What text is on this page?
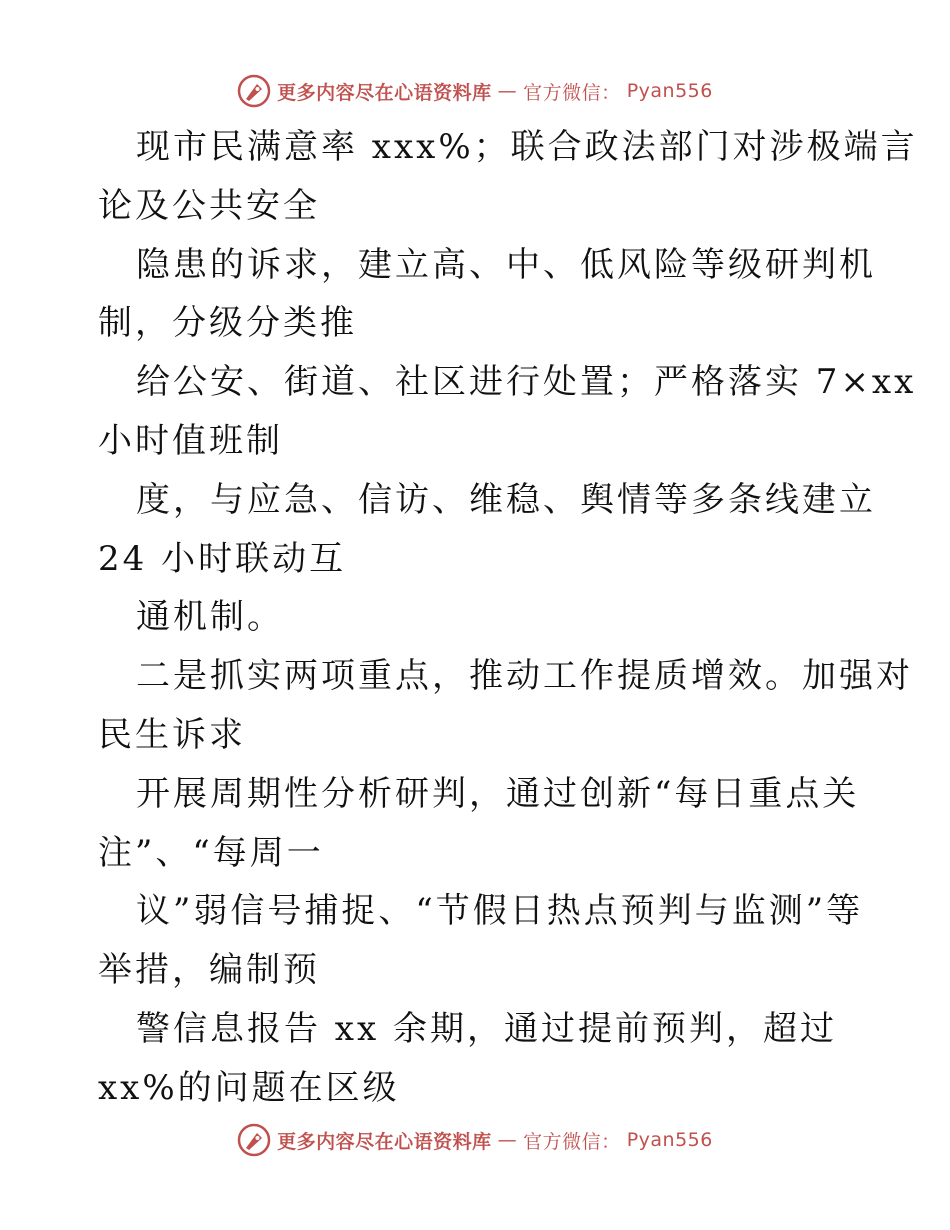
更多内容尽在心语资料库 — 官方微信： Pyan556
现市民满意率 xxx%；联合政法部门对涉极端言
论及公共安全
隐患的诉求，建立高、中、低风险等级研判机
制，分级分类推
给公安、街道、社区进行处置；严格落实 7×xx
小时值班制
度，与应急、信访、维稳、舆情等多条线建立
24 小时联动互
通机制。
二是抓实两项重点，推动工作提质增效。加强对
民生诉求
开展周期性分析研判，通过创新“每日重点关
注”、“每周一
议”弱信号捕捉、“节假日热点预判与监测”等
举措，编制预
警信息报告 xx 余期，通过提前预判，超过
xx%的问题在区级
更多内容尽在心语资料库 — 官方微信： Pyan556
